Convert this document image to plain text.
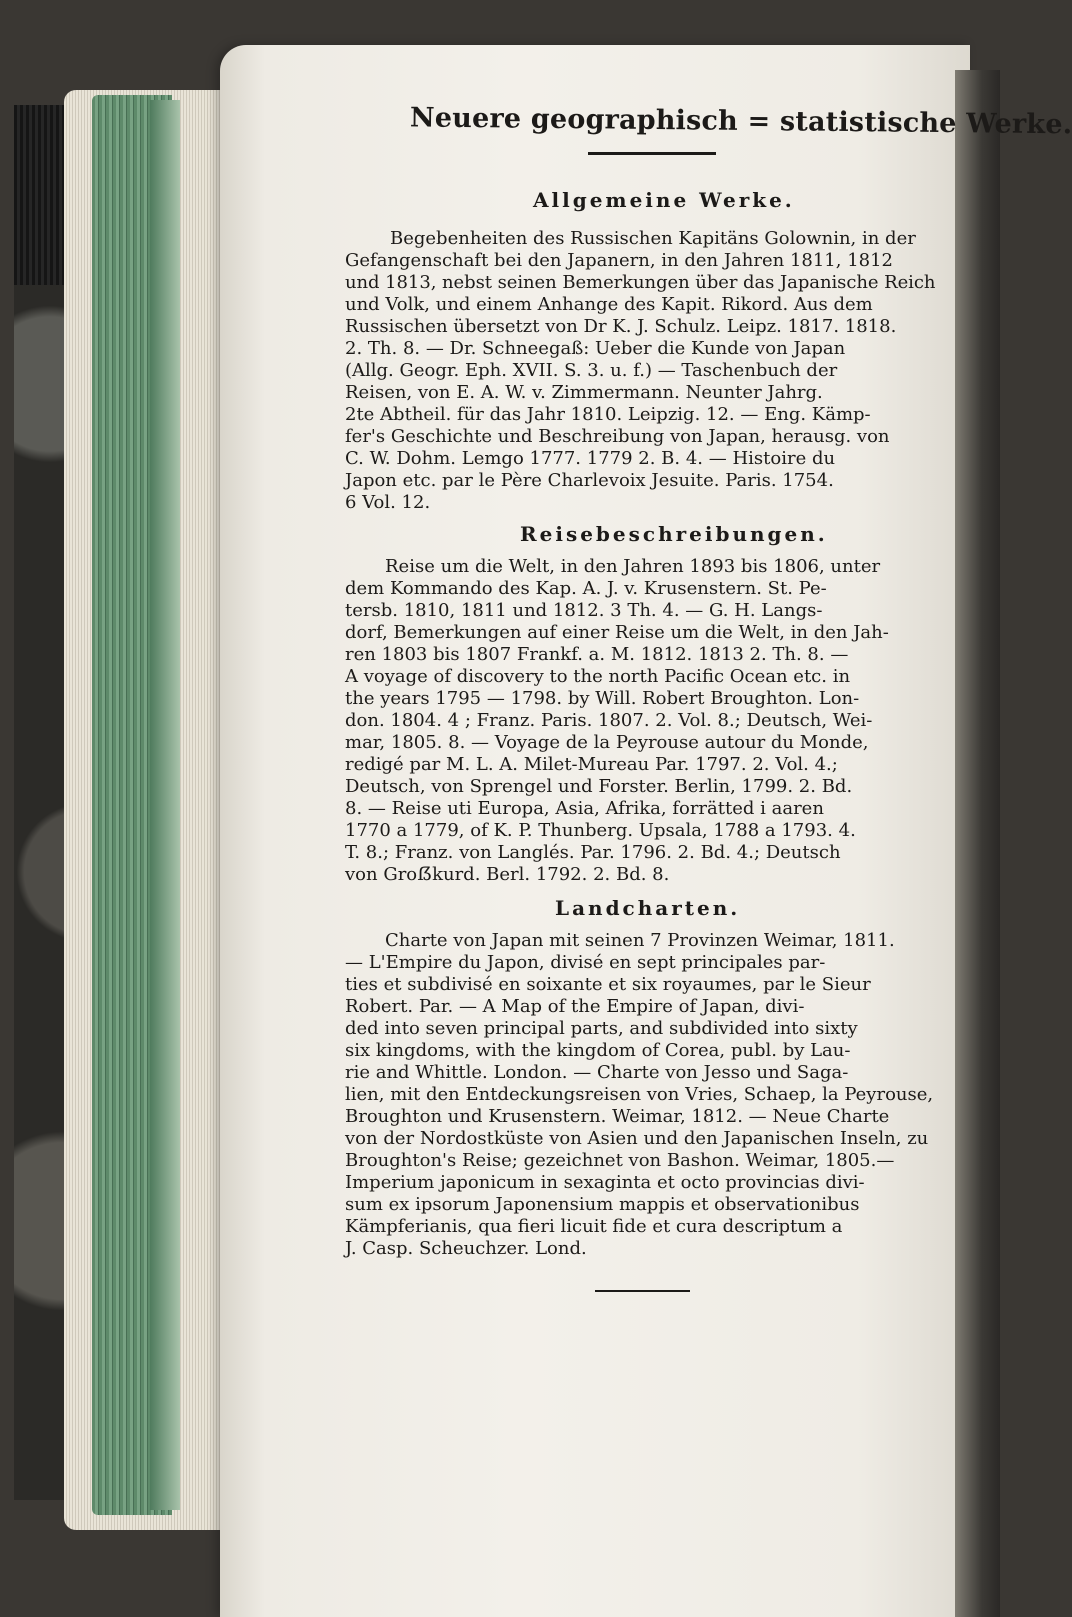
Neuere geographisch = statistische Werke.
Allgemeine Werke.
Begebenheiten des Russischen Kapitäns Golownin, in der
Gefangenschaft bei den Japanern, in den Jahren 1811, 1812
und 1813, nebst seinen Bemerkungen über das Japanische Reich
und Volk, und einem Anhange des Kapit. Rikord. Aus dem
Russischen übersetzt von Dr K. J. Schulz. Leipz. 1817. 1818.
2. Th. 8. — Dr. Schneegaß: Ueber die Kunde von Japan
(Allg. Geogr. Eph. XVII. S. 3. u. f.) — Taschenbuch der
Reisen, von E. A. W. v. Zimmermann. Neunter Jahrg.
2te Abtheil. für das Jahr 1810. Leipzig. 12. — Eng. Kämp-
fer's Geschichte und Beschreibung von Japan, herausg. von
C. W. Dohm. Lemgo 1777. 1779 2. B. 4. — Histoire du
Japon etc. par le Père Charlevoix Jesuite. Paris. 1754.
6 Vol. 12.
Reisebeschreibungen.
Reise um die Welt, in den Jahren 1893 bis 1806, unter
dem Kommando des Kap. A. J. v. Krusenstern. St. Pe-
tersb. 1810, 1811 und 1812. 3 Th. 4. — G. H. Langs-
dorf, Bemerkungen auf einer Reise um die Welt, in den Jah-
ren 1803 bis 1807 Frankf. a. M. 1812. 1813 2. Th. 8. —
A voyage of discovery to the north Pacific Ocean etc. in
the years 1795 — 1798. by Will. Robert Broughton. Lon-
don. 1804. 4 ; Franz. Paris. 1807. 2. Vol. 8.; Deutsch, Wei-
mar, 1805. 8. — Voyage de la Peyrouse autour du Monde,
redigé par M. L. A. Milet-Mureau Par. 1797. 2. Vol. 4.;
Deutsch, von Sprengel und Forster. Berlin, 1799. 2. Bd.
8. — Reise uti Europa, Asia, Afrika, forrätted i aaren
1770 a 1779, of K. P. Thunberg. Upsala, 1788 a 1793. 4.
T. 8.; Franz. von Langlés. Par. 1796. 2. Bd. 4.; Deutsch
von Groẞkurd. Berl. 1792. 2. Bd. 8.
Landcharten.
Charte von Japan mit seinen 7 Provinzen Weimar, 1811.
— L'Empire du Japon, divisé en sept principales par-
ties et subdivisé en soixante et six royaumes, par le Sieur
Robert. Par. — A Map of the Empire of Japan, divi-
ded into seven principal parts, and subdivided into sixty
six kingdoms, with the kingdom of Corea, publ. by Lau-
rie and Whittle. London. — Charte von Jesso und Saga-
lien, mit den Entdeckungsreisen von Vries, Schaep, la Peyrouse,
Broughton und Krusenstern. Weimar, 1812. — Neue Charte
von der Nordostküste von Asien und den Japanischen Inseln, zu
Broughton's Reise; gezeichnet von Bashon. Weimar, 1805.—
Imperium japonicum in sexaginta et octo provincias divi-
sum ex ipsorum Japonensium mappis et observationibus
Kämpferianis, qua fieri licuit fide et cura descriptum a
J. Casp. Scheuchzer. Lond.
